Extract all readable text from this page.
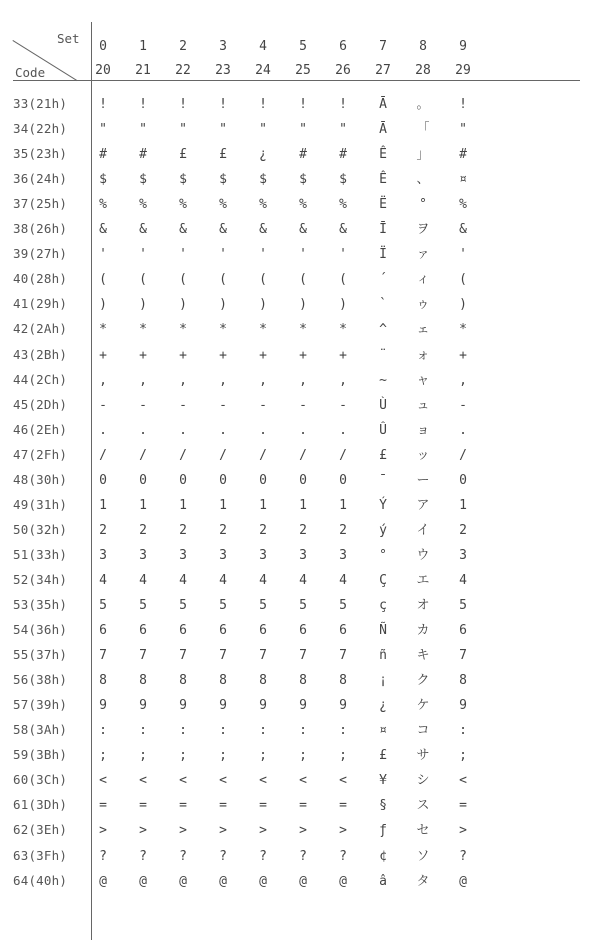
Set
Code
0	1	2	3	4	5	6	7	8	9
20	21	22	23	24	25	26	27	28	29
33(21h)	!	!	!	!	!	!	!	Ā	。	!
34(22h)	"	"	"	"	"	"	"	Ā	「	"
35(23h)	#	#	£	£	¿	#	#	Ê	」	#
36(24h)	$	$	$	$	$	$	$	Ê	、	¤
37(25h)	%	%	%	%	%	%	%	Ë	°	%
38(26h)	&	&	&	&	&	&	&	Ī	ヲ	&
39(27h)	'	'	'	'	'	'	'	Ï	ァ	'
40(28h)	(	(	(	(	(	(	(	´	ィ	(
41(29h)	)	)	)	)	)	)	)	`	ゥ	)
42(2Ah)	*	*	*	*	*	*	*	^	ェ	*
43(2Bh)	+	+	+	+	+	+	+	¨	ォ	+
44(2Ch)	,	,	,	,	,	,	,	~	ャ	,
45(2Dh)	-	-	-	-	-	-	-	Ù	ュ	-
46(2Eh)	.	.	.	.	.	.	.	Û	ョ	.
47(2Fh)	/	/	/	/	/	/	/	£	ッ	/
48(30h)	0	0	0	0	0	0	0	¯	ー	0
49(31h)	1	1	1	1	1	1	1	Ý	ア	1
50(32h)	2	2	2	2	2	2	2	ý	イ	2
51(33h)	3	3	3	3	3	3	3	°	ウ	3
52(34h)	4	4	4	4	4	4	4	Ç	エ	4
53(35h)	5	5	5	5	5	5	5	ç	オ	5
54(36h)	6	6	6	6	6	6	6	Ñ	カ	6
55(37h)	7	7	7	7	7	7	7	ñ	キ	7
56(38h)	8	8	8	8	8	8	8	¡	ク	8
57(39h)	9	9	9	9	9	9	9	¿	ケ	9
58(3Ah)	:	:	:	:	:	:	:	¤	コ	:
59(3Bh)	;	;	;	;	;	;	;	£	サ	;
60(3Ch)	<	<	<	<	<	<	<	¥	シ	<
61(3Dh)	=	=	=	=	=	=	=	§	ス	=
62(3Eh)	>	>	>	>	>	>	>	ƒ	セ	>
63(3Fh)	?	?	?	?	?	?	?	¢	ソ	?
64(40h)	@	@	@	@	@	@	@	â	タ	@
